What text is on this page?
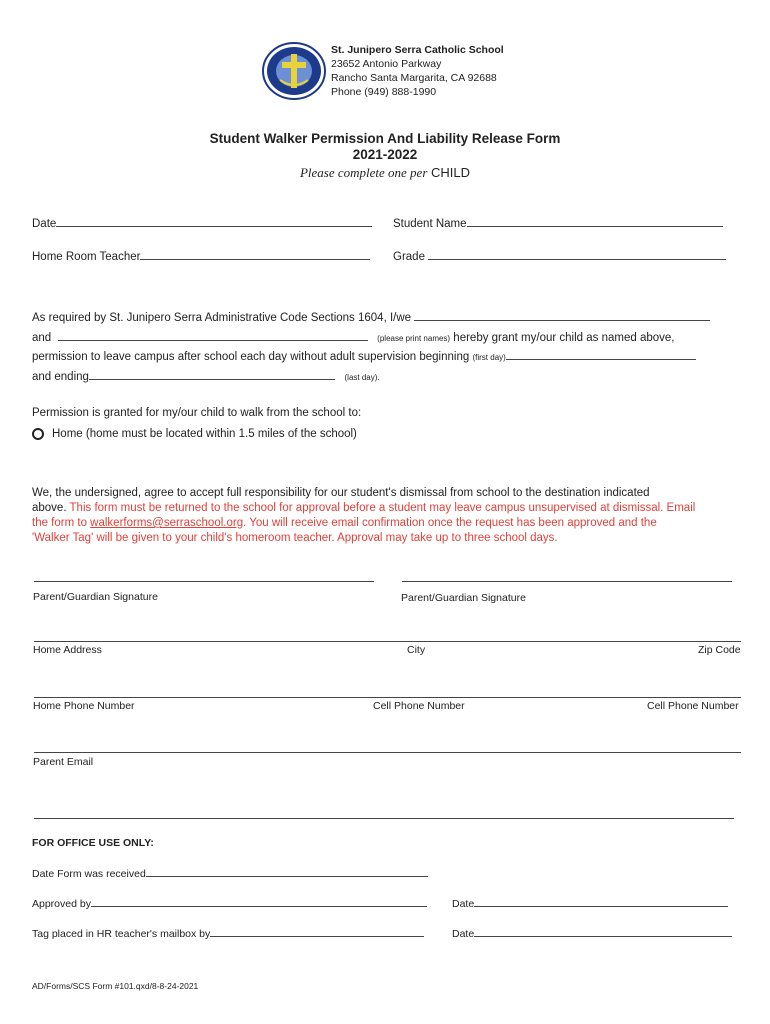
St. Junipero Serra Catholic School
23652 Antonio Parkway
Rancho Santa Margarita, CA 92688
Phone (949) 888-1990
Student Walker Permission And Liability Release Form
2021-2022
Please complete one per CHILD
Date	Student Name
Home Room Teacher	Grade
As required by St. Junipero Serra Administrative Code Sections 1604, I/we
and	(please print names) hereby grant my/our child as named above,
permission to leave campus after school each day without adult supervision beginning (first day)
and ending	(last day).
Permission is granted for my/our child to walk from the school to:
Home (home must be located within 1.5 miles of the school)
We, the undersigned, agree to accept full responsibility for our student's dismissal from school to the destination indicated
above. This form must be returned to the school for approval before a student may leave campus unsupervised at dismissal. Email
the form to walkerforms@serraschool.org. You will receive email confirmation once the request has been approved and the
'Walker Tag' will be given to your child's homeroom teacher. Approval may take up to three school days.
Parent/Guardian Signature	Parent/Guardian Signature
Home Address	City	Zip Code
Home Phone Number	Cell Phone Number	Cell Phone Number
Parent Email
FOR OFFICE USE ONLY:
Date Form was received
Approved by	Date
Tag placed in HR teacher's mailbox by	Date
AD/Forms/SCS Form #101.qxd/8-8-24-2021
